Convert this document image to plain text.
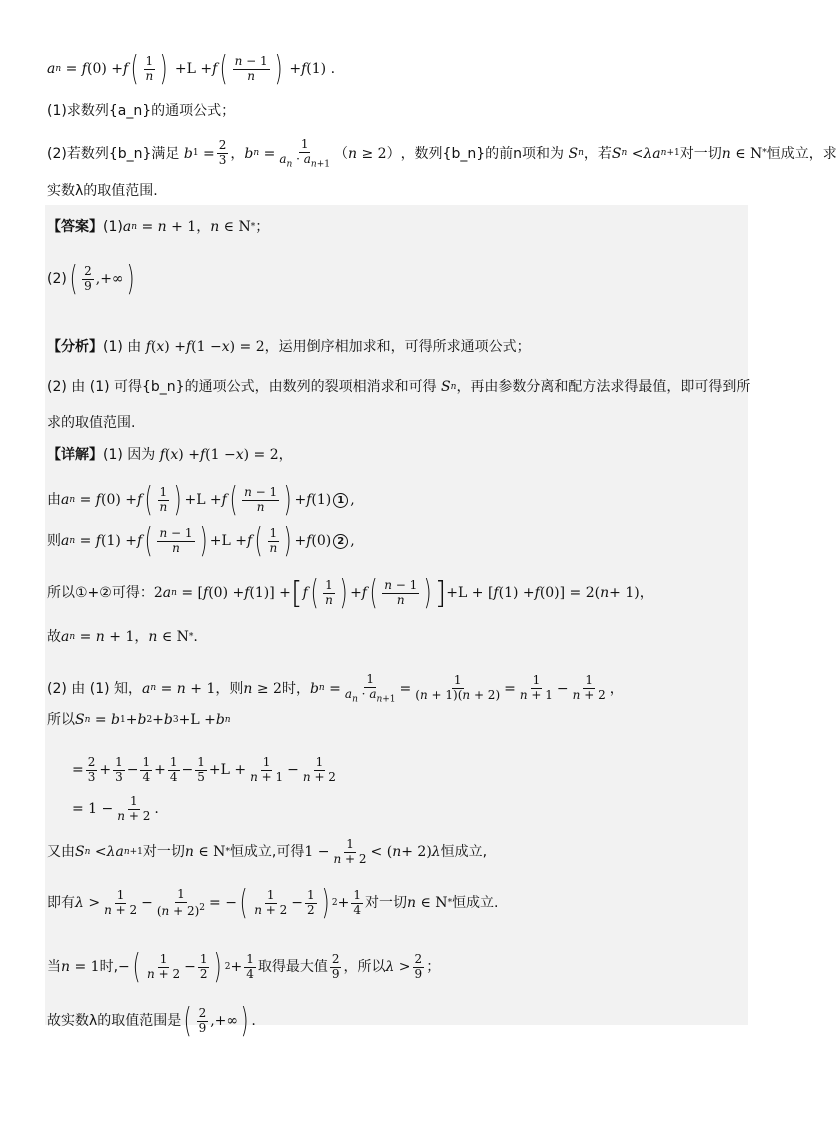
a n = f (0) + f ( $\frac{1}{n}$ ) + L + f ( $\frac{n - 1}{n}$ ) + f (1) .
(1)求数列{a_n}的通项公式；
(2)若数列{b_n}满足 b $1 = \frac{2}{3}$ ， b $n = \frac{1}{a_n \cdot a_{n+1}}$ （ n ≥ 2 ） ，数列{b_n}的前n项和为 S n ，若 S n < λa n +1 对一切 n ∈ N * 恒成立，求
实数λ的取值范围.
【答案】 (1) a n = n + 1 ， n ∈ N * ；
(2) ( $\frac{2}{9}$ ,+∞ )
【分析】 (1) 由 f ( x ) + f (1 − x ) = 2 ，运用倒序相加求和，可得所求通项公式；
(2) 由 (1) 可得{b_n}的通项公式，由数列的裂项相消求和可得 S n ，再由参数分离和配方法求得最值，即可得到所
求的取值范围.
【详解】 (1) 因为 f ( x ) + f (1 − x ) = 2 ，
由 a n = f (0) + f ( $\frac{1}{n}$ ) + L + f ( $\frac{n - 1}{n}$ ) + f (1) 1 ,
则 a n = f (1) + f ( $\frac{n - 1}{n}$ ) + L + f ( $\frac{1}{n}$ ) + f (0) 2 ,
所以①+②可得： 2 a n = [ f (0) + f (1)] + [ f ( $\frac{1}{n}$ ) + f ( $\frac{n - 1}{n}$ ) ] + L + [ f (1) + f (0)] = 2( n + 1) ，
故 a n = n + 1 ， n ∈ N * .
(2) 由 (1) 知， a n = n + 1 ，则 n ≥ 2 时， b $n = \frac{1}{a_n \cdot a_{n+1}} = \frac{1}{(n + 1)(n + 2)} = \frac{1}{n + 1} - \frac{1}{n + 2}$ ，
所以 S n = b 1 + b 2 + b 3 + L + b n
= $\frac{2}{3} + \frac{1}{3} - \frac{1}{4} + \frac{1}{4} - \frac{1}{5} + L + \frac{1}{n + 1} - \frac{1}{n + 2}$
= $1 - \frac{1}{n + 2}$ .
又由 S n < λa n +1 对一切 n ∈ N * 恒成立,可得 $1 - \frac{1}{n + 2}$ < ( n + 2) λ 恒成立,
即有 $\lambda > \frac{1}{n + 2} - \frac{1}{(n + 2)^2}$ = − ( $\frac{1}{n + 2} - \frac{1}{2}$ ) $2 + \frac{1}{4}$ 对一切 n ∈ N * 恒成立.
当 n = 1 时, − ( $\frac{1}{n + 2} - \frac{1}{2}$ ) $2 + \frac{1}{4}$ 取得最大值 $\frac{2}{9}$ ，所以 $\lambda > \frac{2}{9}$ ；
故实数λ的取值范围是 ( $\frac{2}{9}$ ,+∞ ) .
